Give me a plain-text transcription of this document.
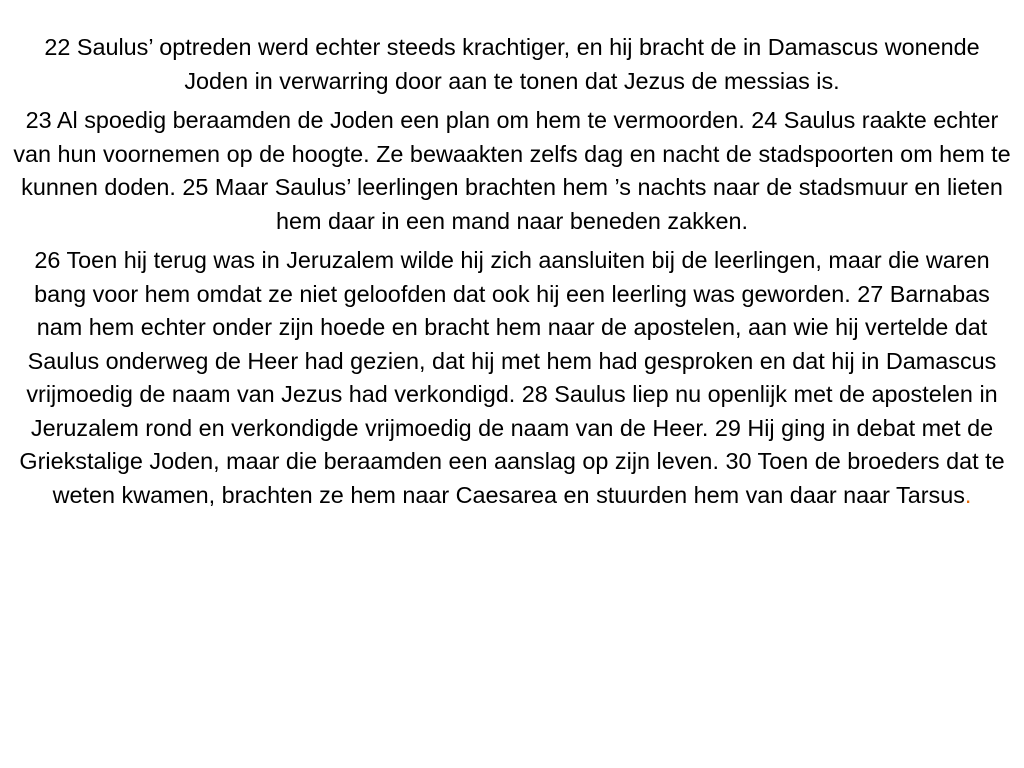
22 Saulus’ optreden werd echter steeds krachtiger, en hij bracht de in Damascus wonende Joden in verwarring door aan te tonen dat Jezus de messias is.

23 Al spoedig beraamden de Joden een plan om hem te vermoorden. 24 Saulus raakte echter van hun voornemen op de hoogte. Ze bewaakten zelfs dag en nacht de stadspoorten om hem te kunnen doden. 25 Maar Saulus’ leerlingen brachten hem ’s nachts naar de stadsmuur en lieten hem daar in een mand naar beneden zakken.

26 Toen hij terug was in Jeruzalem wilde hij zich aansluiten bij de leerlingen, maar die waren bang voor hem omdat ze niet geloofden dat ook hij een leerling was geworden. 27 Barnabas nam hem echter onder zijn hoede en bracht hem naar de apostelen, aan wie hij vertelde dat Saulus onderweg de Heer had gezien, dat hij met hem had gesproken en dat hij in Damascus vrijmoedig de naam van Jezus had verkondigd. 28 Saulus liep nu openlijk met de apostelen in Jeruzalem rond en verkondigde vrijmoedig de naam van de Heer. 29 Hij ging in debat met de Griekstalige Joden, maar die beraamden een aanslag op zijn leven. 30 Toen de broeders dat te weten kwamen, brachten ze hem naar Caesarea en stuurden hem van daar naar Tarsus.
